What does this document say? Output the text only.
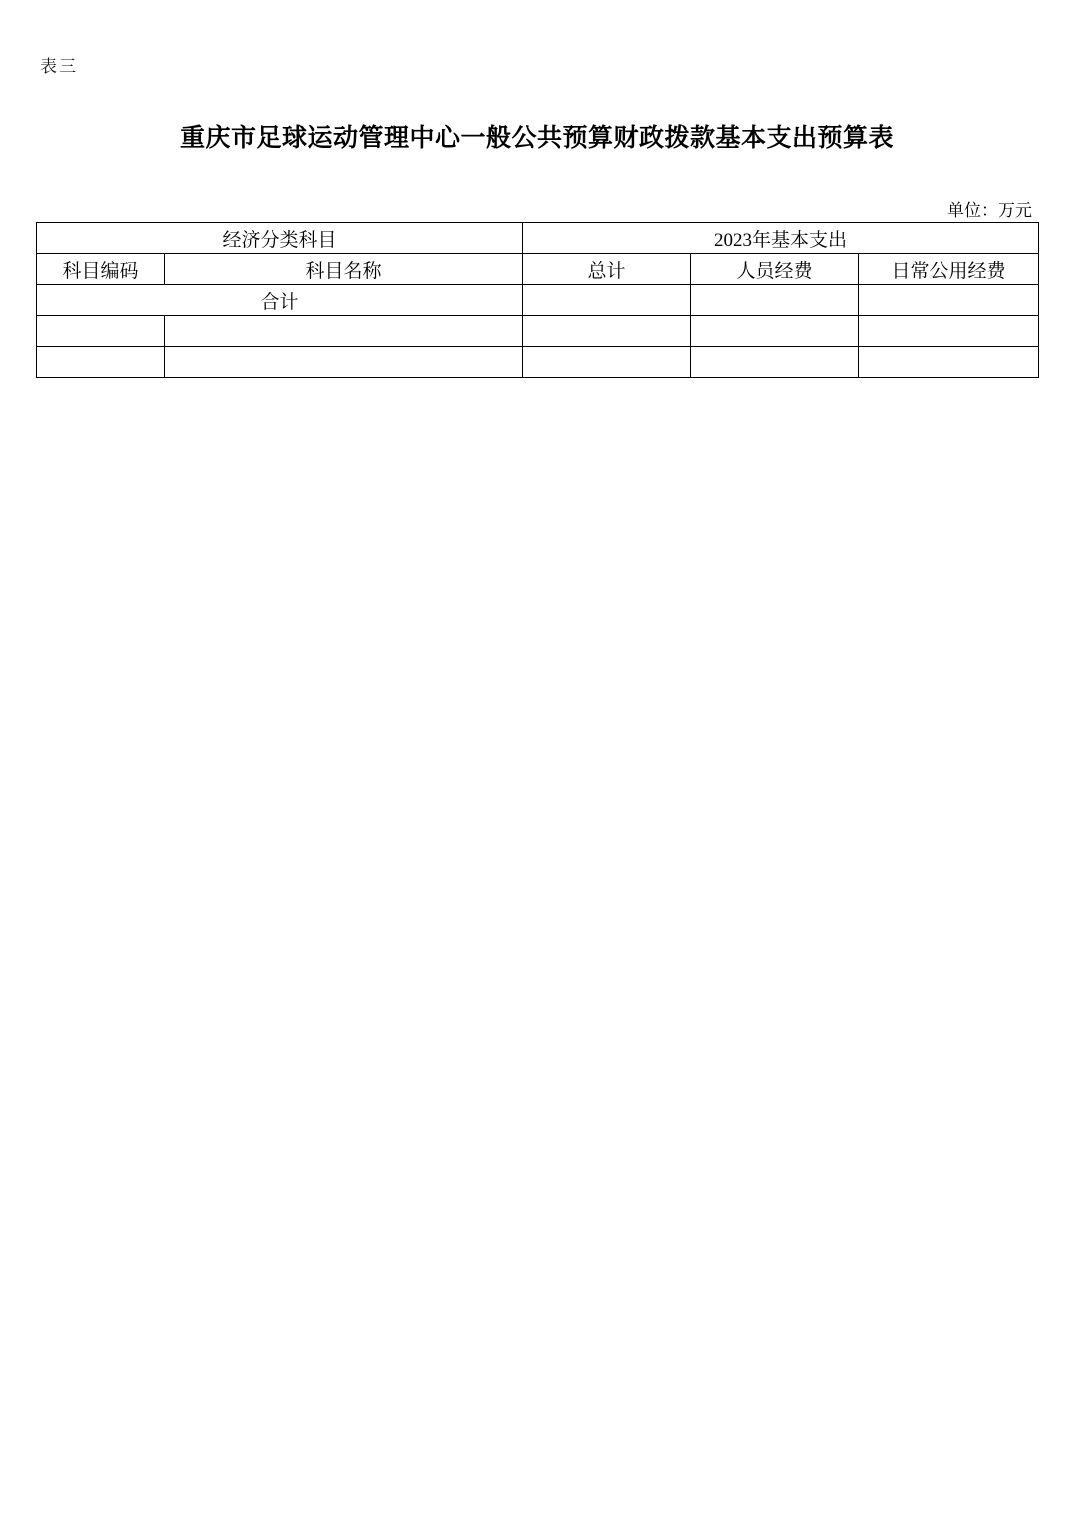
表三
重庆市足球运动管理中心一般公共预算财政拨款基本支出预算表
单位：万元
经济分类科目		2023年基本支出		
科目编码	科目名称	总计	人员经费	日常公用经费
合计				
